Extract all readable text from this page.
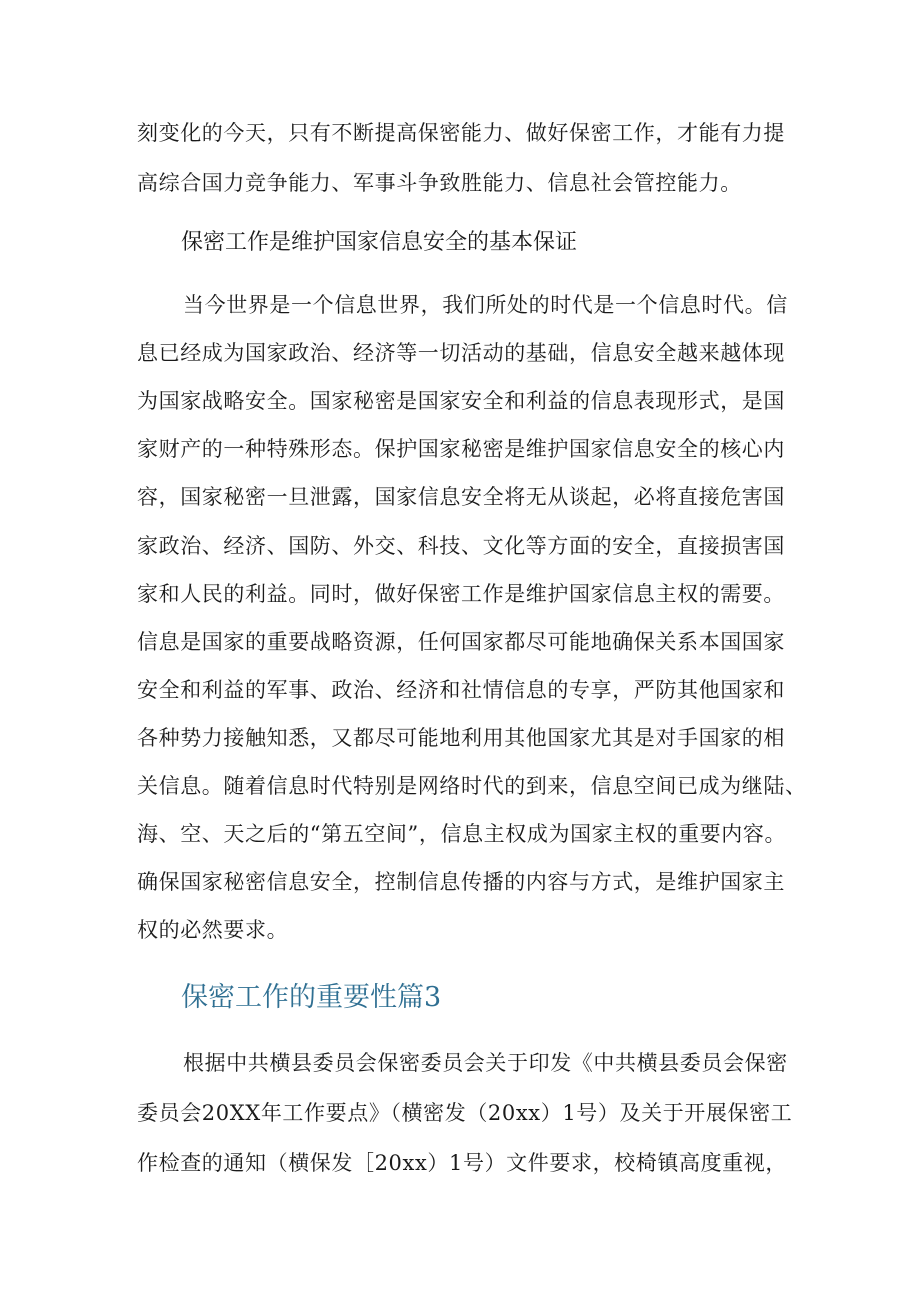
刻变化的今天，只有不断提高保密能力、做好保密工作，才能有力提
高综合国力竞争能力、军事斗争致胜能力、信息社会管控能力。
保密工作是维护国家信息安全的基本保证
当今世界是一个信息世界，我们所处的时代是一个信息时代。信
息已经成为国家政治、经济等一切活动的基础，信息安全越来越体现
为国家战略安全。国家秘密是国家安全和利益的信息表现形式，是国
家财产的一种特殊形态。保护国家秘密是维护国家信息安全的核心内
容，国家秘密一旦泄露，国家信息安全将无从谈起，必将直接危害国
家政治、经济、国防、外交、科技、文化等方面的安全，直接损害国
家和人民的利益。同时，做好保密工作是维护国家信息主权的需要。
信息是国家的重要战略资源，任何国家都尽可能地确保关系本国国家
安全和利益的军事、政治、经济和社情信息的专享，严防其他国家和
各种势力接触知悉，又都尽可能地利用其他国家尤其是对手国家的相
关信息。随着信息时代特别是网络时代的到来，信息空间已成为继陆、
海、空、天之后的“第五空间”，信息主权成为国家主权的重要内容。
确保国家秘密信息安全，控制信息传播的内容与方式，是维护国家主
权的必然要求。
保密工作的重要性篇3
根据中共横县委员会保密委员会关于印发《中共横县委员会保密
委员会20XX年工作要点》（横密发（20xx）1号）及关于开展保密工
作检查的通知（横保发［20xx）1号）文件要求，校椅镇高度重视，
